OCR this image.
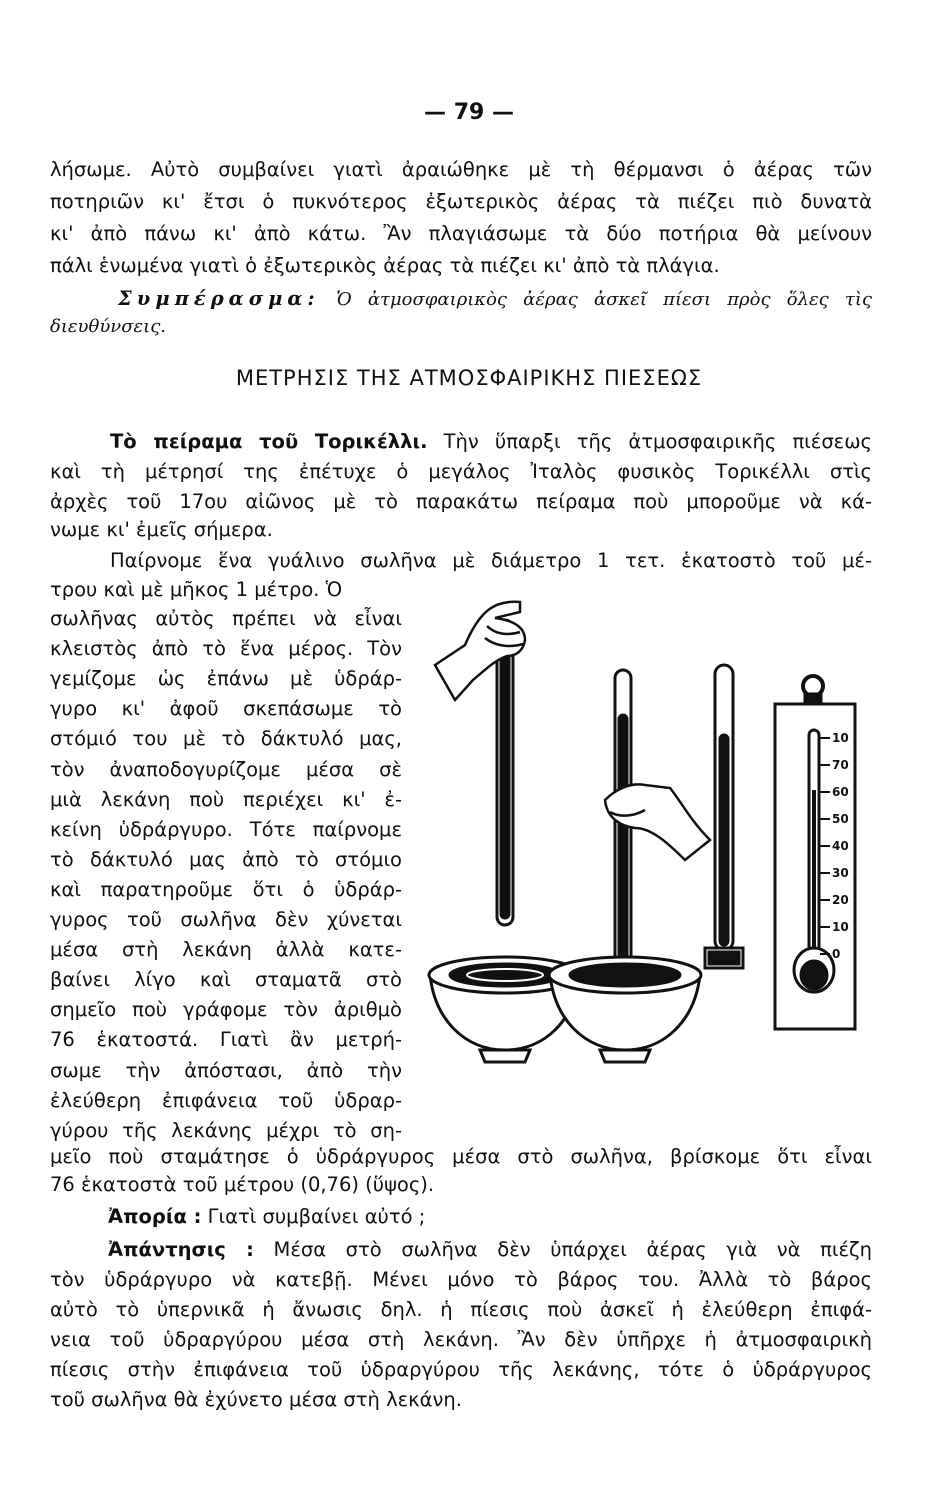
— 79 —
λήσωμε. Αὐτὸ συμβαίνει γιατὶ ἀραιώθηκε μὲ τὴ θέρμανσι ὁ ἀέρας τῶν
ποτηριῶν κι' ἔτσι ὁ πυκνότερος ἐξωτερικὸς ἀέρας τὰ πιέζει πιὸ δυνατὰ
κι' ἀπὸ πάνω κι' ἀπὸ κάτω. Ἂν πλαγιάσωμε τὰ δύο ποτήρια θὰ μείνουν
πάλι ἑνωμένα γιατὶ ὁ ἐξωτερικὸς ἀέρας τὰ πιέζει κι' ἀπὸ τὰ πλάγια.
Συμπέρασμα: Ὁ ἀτμοσφαιρικὸς ἀέρας ἀσκεῖ πίεσι πρὸς ὅλες τὶς
διευθύνσεις.
ΜΕΤΡΗΣΙΣ ΤΗΣ ΑΤΜΟΣΦΑΙΡΙΚΗΣ ΠΙΕΣΕΩΣ
Τὸ πείραμα τοῦ Τορικέλλι. Τὴν ὕπαρξι τῆς ἀτμοσφαιρικῆς πιέσεως
καὶ τὴ μέτρησί της ἐπέτυχε ὁ μεγάλος Ἰταλὸς φυσικὸς Τορικέλλι στὶς
ἀρχὲς τοῦ 17ου αἰῶνος μὲ τὸ παρακάτω πείραμα ποὺ μποροῦμε νὰ κά-
νωμε κι' ἐμεῖς σήμερα.
Παίρνομε ἕνα γυάλινο σωλῆνα μὲ διάμετρο 1 τετ. ἑκατοστὸ τοῦ μέ-
τρου καὶ μὲ μῆκος 1 μέτρο. Ὁ
σωλῆνας αὐτὸς πρέπει νὰ εἶναι
κλειστὸς ἀπὸ τὸ ἕνα μέρος. Τὸν
γεμίζομε ὡς ἐπάνω μὲ ὑδράρ-
γυρο κι' ἀφοῦ σκεπάσωμε τὸ
στόμιό του μὲ τὸ δάκτυλό μας,
τὸν ἀναποδογυρίζομε μέσα σὲ
μιὰ λεκάνη ποὺ περιέχει κι' ἐ-
κείνη ὑδράργυρο. Τότε παίρνομε
τὸ δάκτυλό μας ἀπὸ τὸ στόμιο
καὶ παρατηροῦμε ὅτι ὁ ὑδράρ-
γυρος τοῦ σωλῆνα δὲν χύνεται
μέσα στὴ λεκάνη ἀλλὰ κατε-
βαίνει λίγο καὶ σταματᾶ στὸ
σημεῖο ποὺ γράφομε τὸν ἀριθμὸ
76 ἑκατοστά. Γιατὶ ἂν μετρή-
σωμε τὴν ἀπόστασι, ἀπὸ τὴν
ἐλεύθερη ἐπιφάνεια τοῦ ὑδραρ-
γύρου τῆς λεκάνης μέχρι τὸ ση-
μεῖο ποὺ σταμάτησε ὁ ὑδράργυρος μέσα στὸ σωλῆνα, βρίσκομε ὅτι εἶναι
76 ἑκατοστὰ τοῦ μέτρου (0,76) (ὕψος).
Ἀπορία : Γιατὶ συμβαίνει αὐτό ;
Ἀπάντησις : Μέσα στὸ σωλῆνα δὲν ὑπάρχει ἀέρας γιὰ νὰ πιέζη
τὸν ὑδράργυρο νὰ κατεβῇ. Μένει μόνο τὸ βάρος του. Ἀλλὰ τὸ βάρος
αὐτὸ τὸ ὑπερνικᾶ ἡ ἄνωσις δηλ. ἡ πίεσις ποὺ ἀσκεῖ ἡ ἐλεύθερη ἐπιφά-
νεια τοῦ ὑδραργύρου μέσα στὴ λεκάνη. Ἂν δὲν ὑπῆρχε ἡ ἀτμοσφαιρικὴ
πίεσις στὴν ἐπιφάνεια τοῦ ὑδραργύρου τῆς λεκάνης, τότε ὁ ὑδράργυρος
τοῦ σωλῆνα θὰ ἐχύνετο μέσα στὴ λεκάνη.
10
70
60
50
40
30
20
10
0
